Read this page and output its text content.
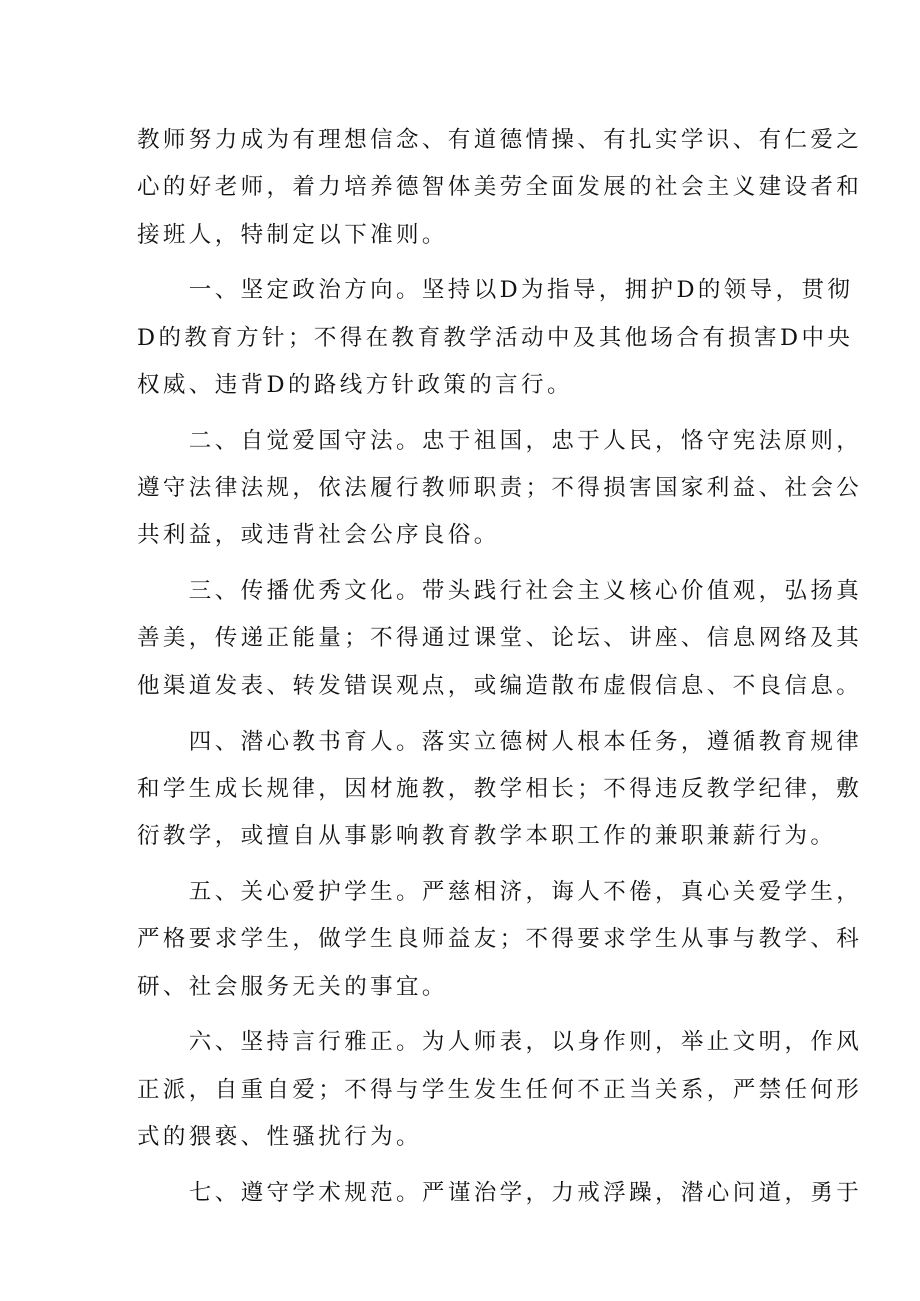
教师努力成为有理想信念、有道德情操、有扎实学识、有仁爱之
心的好老师，着力培养德智体美劳全面发展的社会主义建设者和
接班人，特制定以下准则。
　　一、坚定政治方向。坚持以D为指导，拥护D的领导，贯彻
D的教育方针；不得在教育教学活动中及其他场合有损害D中央
权威、违背D的路线方针政策的言行。
　　二、自觉爱国守法。忠于祖国，忠于人民，恪守宪法原则，
遵守法律法规，依法履行教师职责；不得损害国家利益、社会公
共利益，或违背社会公序良俗。
　　三、传播优秀文化。带头践行社会主义核心价值观，弘扬真
善美，传递正能量；不得通过课堂、论坛、讲座、信息网络及其
他渠道发表、转发错误观点，或编造散布虚假信息、不良信息。
　　四、潜心教书育人。落实立德树人根本任务，遵循教育规律
和学生成长规律，因材施教，教学相长；不得违反教学纪律，敷
衍教学，或擅自从事影响教育教学本职工作的兼职兼薪行为。
　　五、关心爱护学生。严慈相济，诲人不倦，真心关爱学生，
严格要求学生，做学生良师益友；不得要求学生从事与教学、科
研、社会服务无关的事宜。
　　六、坚持言行雅正。为人师表，以身作则，举止文明，作风
正派，自重自爱；不得与学生发生任何不正当关系，严禁任何形
式的猥亵、性骚扰行为。
　　七、遵守学术规范。严谨治学，力戒浮躁，潜心问道，勇于
